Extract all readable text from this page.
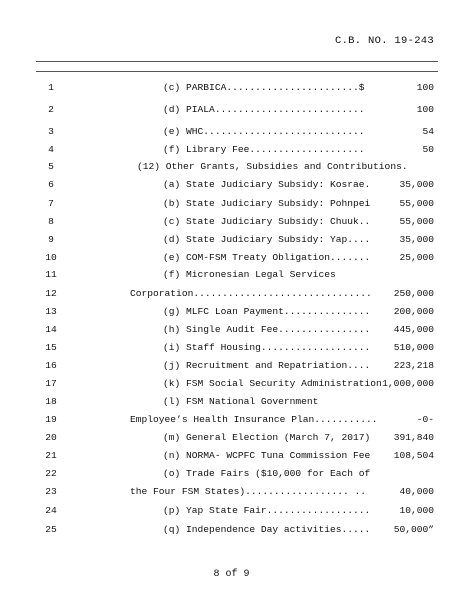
C.B. NO. 19-243
1	(c) PARBICA.......................$	100
2	(d) PIALA..........................	100
3	(e) WHC............................	54
4	(f) Library Fee....................	50
5	(12) Other Grants, Subsidies and Contributions.
6	(a) State Judiciary Subsidy: Kosrae.	35,000
7	(b) State Judiciary Subsidy: Pohnpei	55,000
8	(c) State Judiciary Subsidy: Chuuk..	55,000
9	(d) State Judiciary Subsidy: Yap....	35,000
10	(e) COM-FSM Treaty Obligation.......	25,000
11	(f) Micronesian Legal Services
12	Corporation............................... 250,000
13	(g) MLFC Loan Payment............... 200,000
14	(h) Single Audit Fee................ 445,000
15	(i) Staff Housing................... 510,000
16	(j) Recruitment and Repatriation.... 223,218
17	(k) FSM Social Security Administration 1,000,000
18	(l) FSM National Government
19	Employee’s Health Insurance Plan...........	-0-
20	(m) General Election (March 7, 2017) 391,840
21	(n) NORMA- WCPFC Tuna Commission Fee 108,504
22	(o) Trade Fairs ($10,000 for Each of
23	the Four FSM States).................. ..	40,000
24	(p) Yap State Fair..................	10,000
25	(q) Independence Day activities..... 50,000”
8 of 9
